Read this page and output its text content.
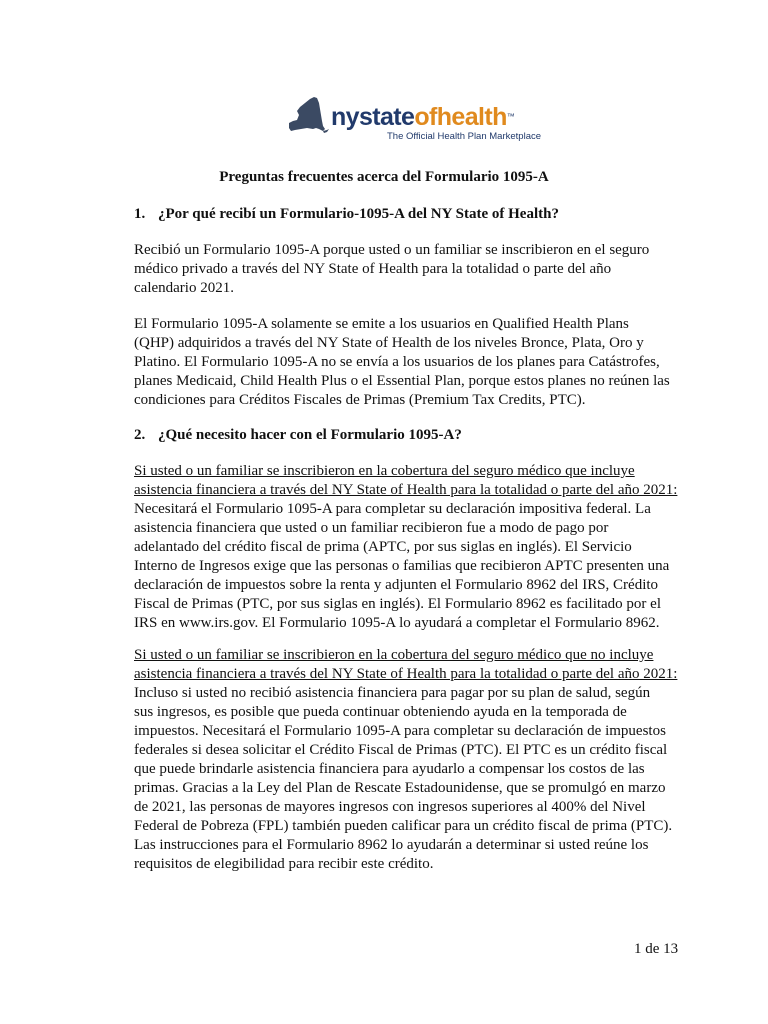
nystateofhealth™
The Official Health Plan Marketplace
Preguntas frecuentes acerca del Formulario 1095-A
1. ¿Por qué recibí un Formulario-1095-A del NY State of Health?

Recibió un Formulario 1095-A porque usted o un familiar se inscribieron en el seguro
médico privado a través del NY State of Health para la totalidad o parte del año
calendario 2021.

El Formulario 1095-A solamente se emite a los usuarios en Qualified Health Plans
(QHP) adquiridos a través del NY State of Health de los niveles Bronce, Plata, Oro y
Platino. El Formulario 1095-A no se envía a los usuarios de los planes para Catástrofes,
planes Medicaid, Child Health Plus o el Essential Plan, porque estos planes no reúnen las
condiciones para Créditos Fiscales de Primas (Premium Tax Credits, PTC).

2. ¿Qué necesito hacer con el Formulario 1095-A?

Si usted o un familiar se inscribieron en la cobertura del seguro médico que incluye
asistencia financiera a través del NY State of Health para la totalidad o parte del año 2021:
Necesitará el Formulario 1095-A para completar su declaración impositiva federal. La
asistencia financiera que usted o un familiar recibieron fue a modo de pago por
adelantado del crédito fiscal de prima (APTC, por sus siglas en inglés). El Servicio
Interno de Ingresos exige que las personas o familias que recibieron APTC presenten una
declaración de impuestos sobre la renta y adjunten el Formulario 8962 del IRS, Crédito
Fiscal de Primas (PTC, por sus siglas en inglés). El Formulario 8962 es facilitado por el
IRS en www.irs.gov. El Formulario 1095-A lo ayudará a completar el Formulario 8962.

Si usted o un familiar se inscribieron en la cobertura del seguro médico que no incluye
asistencia financiera a través del NY State of Health para la totalidad o parte del año 2021:
Incluso si usted no recibió asistencia financiera para pagar por su plan de salud, según
sus ingresos, es posible que pueda continuar obteniendo ayuda en la temporada de
impuestos. Necesitará el Formulario 1095-A para completar su declaración de impuestos
federales si desea solicitar el Crédito Fiscal de Primas (PTC). El PTC es un crédito fiscal
que puede brindarle asistencia financiera para ayudarlo a compensar los costos de las
primas. Gracias a la Ley del Plan de Rescate Estadounidense, que se promulgó en marzo
de 2021, las personas de mayores ingresos con ingresos superiores al 400% del Nivel
Federal de Pobreza (FPL) también pueden calificar para un crédito fiscal de prima (PTC).
Las instrucciones para el Formulario 8962 lo ayudarán a determinar si usted reúne los
requisitos de elegibilidad para recibir este crédito.

1 de 13
